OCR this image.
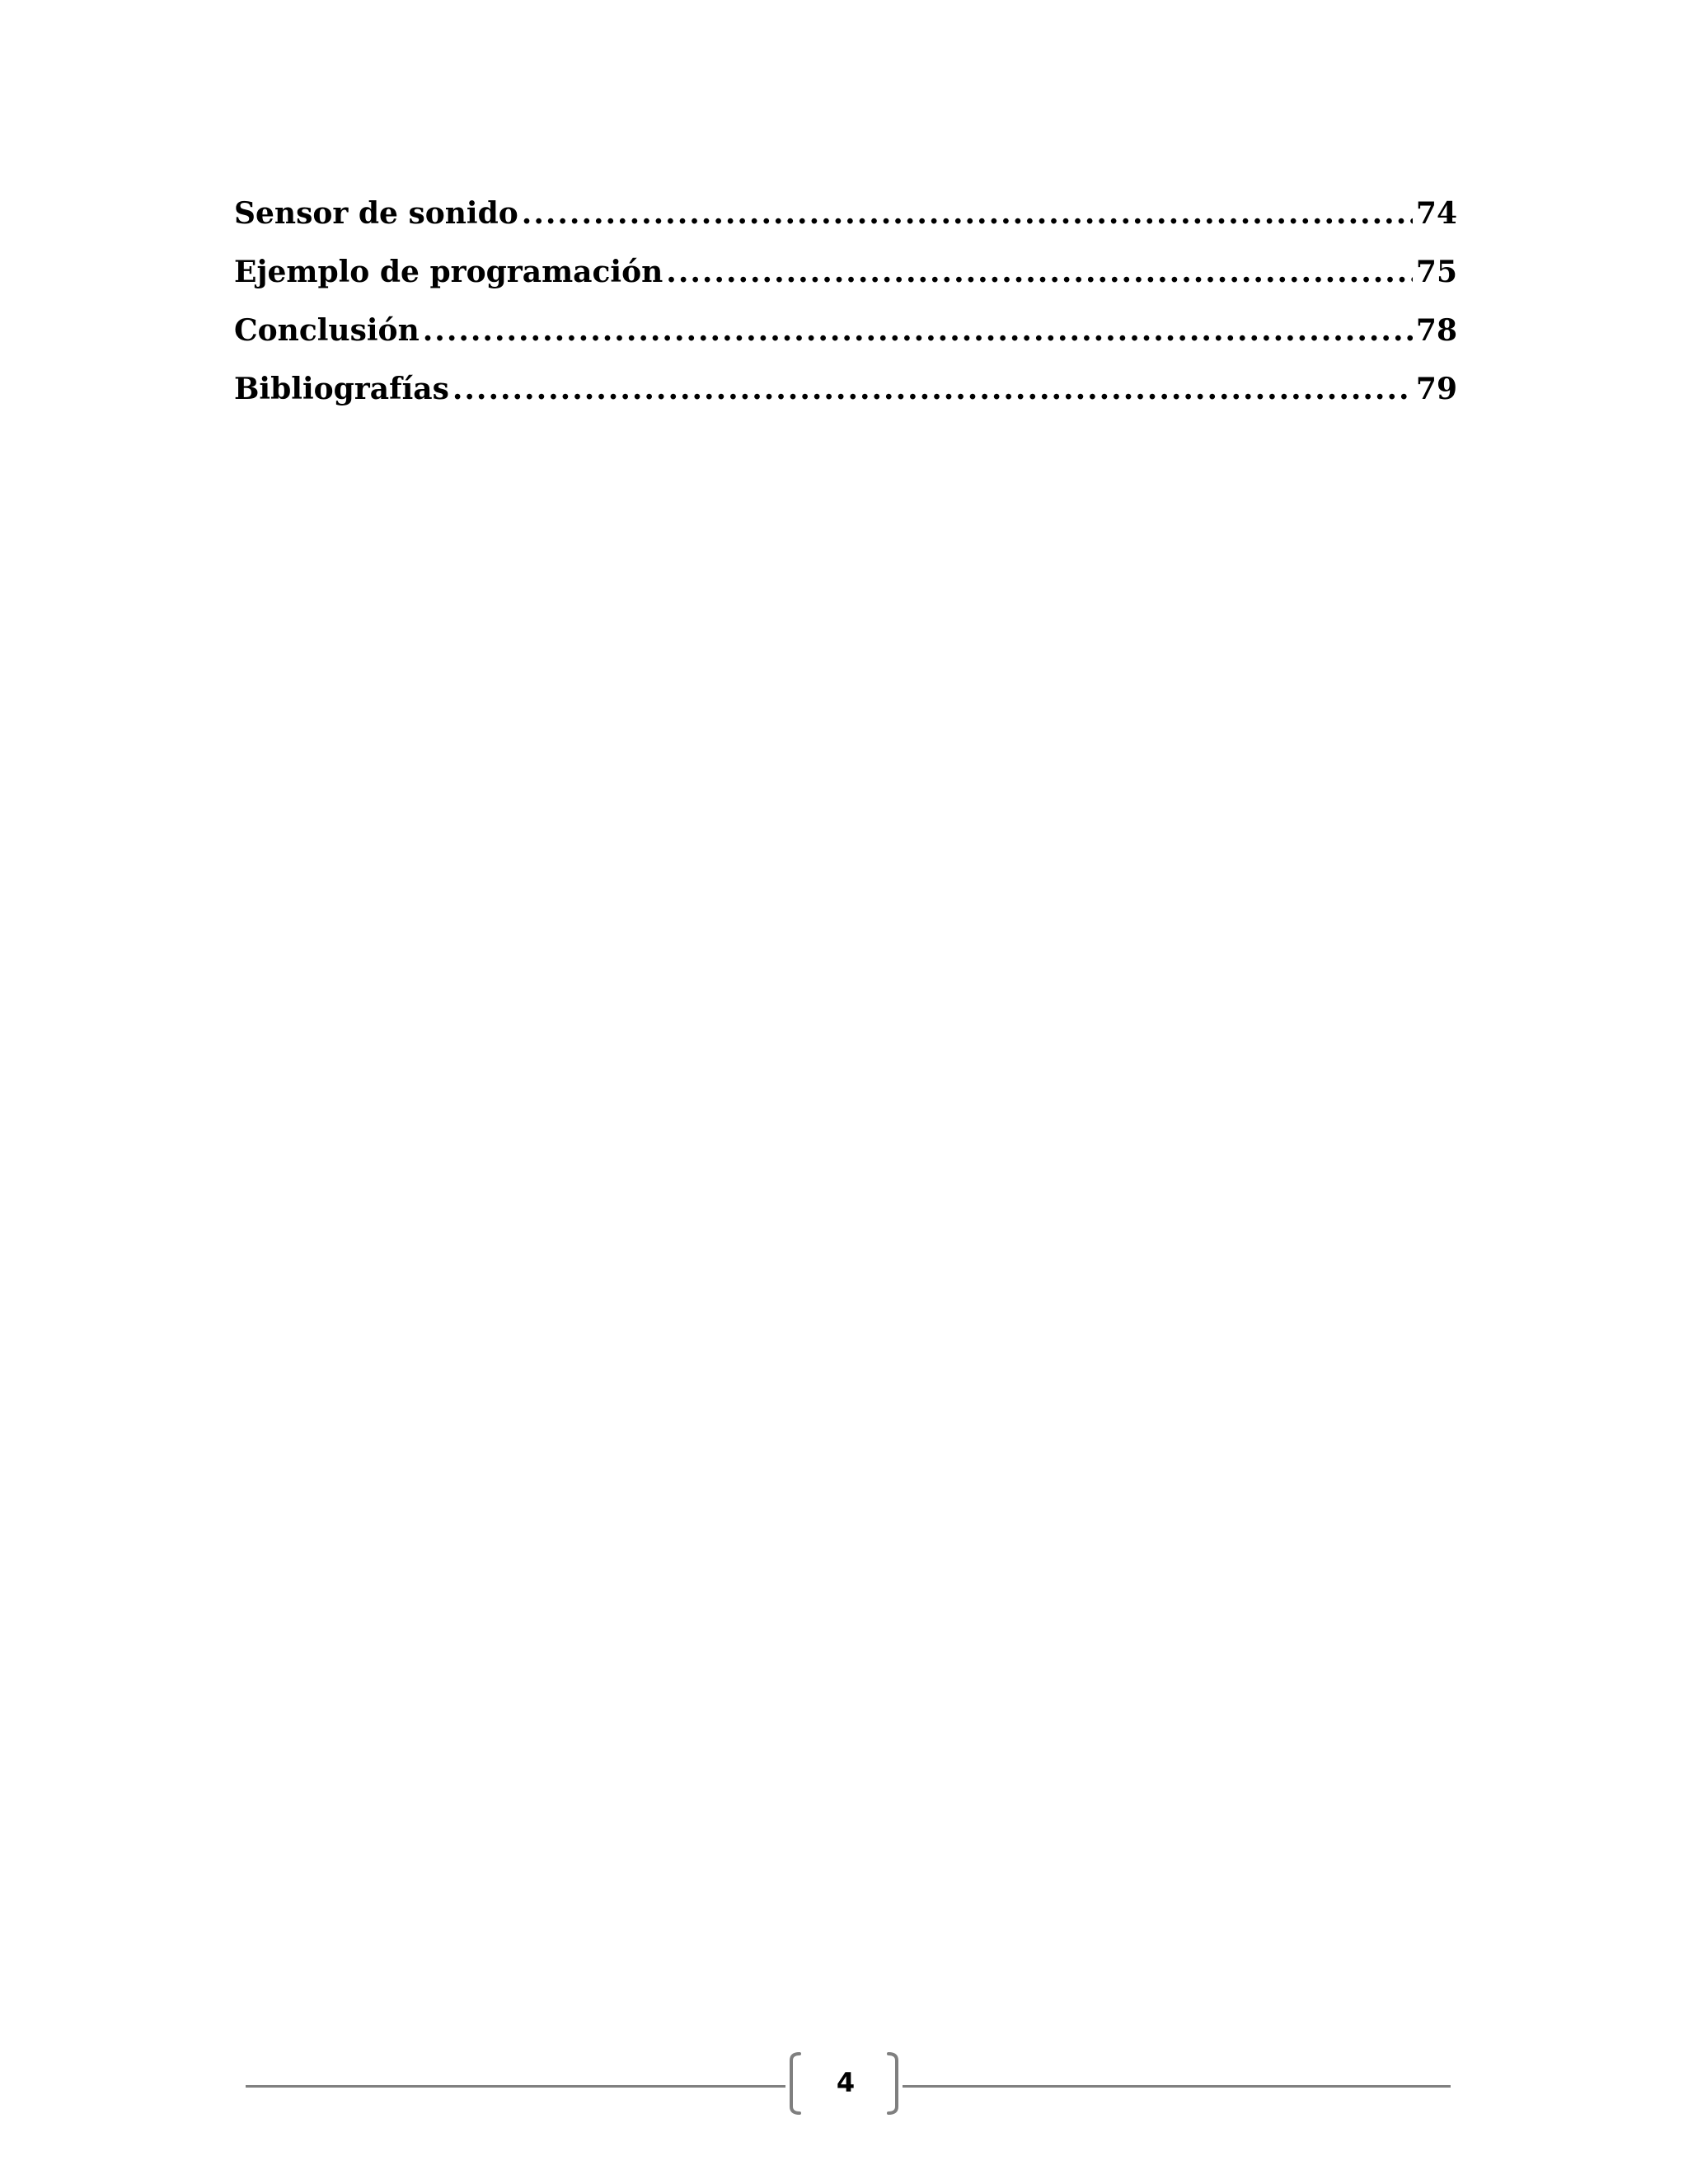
Sensor de sonido .....	74
Ejemplo de programación .....	75
Conclusión .....	78
Bibliografías .....	79
4
